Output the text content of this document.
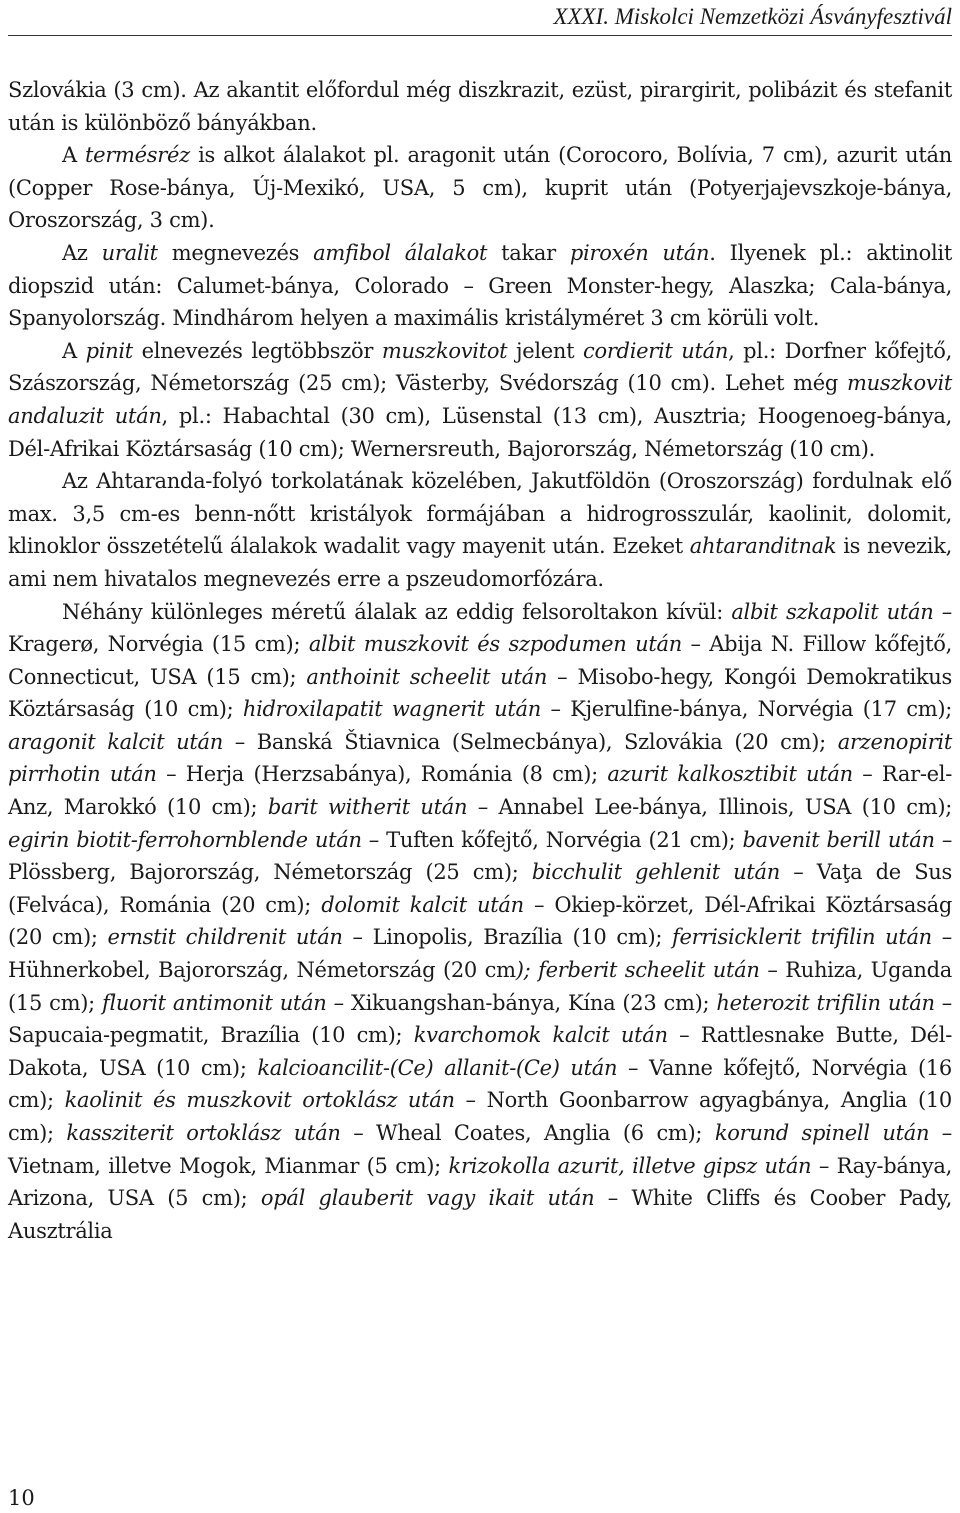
XXXI. Miskolci Nemzetközi Ásványfesztivál

Szlovákia (3 cm). Az akantit előfordul még diszkrazit, ezüst, pirargirit, polibázit és stefanit után is különböző bányákban.

A termésréz is alkot álalakot pl. aragonit után (Corocoro, Bolívia, 7 cm), azurit után (Copper Rose-bánya, Új-Mexikó, USA, 5 cm), kuprit után (Potyerjajevszkoje-bánya, Oroszország, 3 cm).

Az uralit megnevezés amfibol álalakot takar piroxén után. Ilyenek pl.: aktinolit diopszid után: Calumet-bánya, Colorado – Green Monster-hegy, Alaszka; Cala-bánya, Spanyolország. Mindhárom helyen a maximális kristályméret 3 cm körüli volt.

A pinit elnevezés legtöbbször muszkovitot jelent cordierit után, pl.: Dorfner kőfejtő, Szászország, Németország (25 cm); Västerby, Svédország (10 cm). Lehet még muszkovit andaluzit után, pl.: Habachtal (30 cm), Lüsenstal (13 cm), Ausztria; Hoogenoeg-bánya, Dél-Afrikai Köztársaság (10 cm); Wernersreuth, Bajorország, Németország (10 cm).

Az Ahtaranda-folyó torkolatának közelében, Jakutföldön (Oroszország) fordulnak elő max. 3,5 cm-es benn-nőtt kristályok formájában a hidrogrosszulár, kaolinit, dolomit, klinoklor összetételű álalakok wadalit vagy mayenit után. Ezeket ahtaranditnak is nevezik, ami nem hivatalos megnevezés erre a pszeudomorfózára.

Néhány különleges méretű álalak az eddig felsoroltakon kívül: albit szkapolit után – Kragerø, Norvégia (15 cm); albit muszkovit és szpodumen után – Abija N. Fillow kőfejtő, Connecticut, USA (15 cm); anthoinit scheelit után – Misobo-hegy, Kongói Demokratikus Köztársaság (10 cm); hidroxilapatit wagnerit után – Kjerulfine-bánya, Norvégia (17 cm); aragonit kalcit után – Banská Štiavnica (Selmecbánya), Szlovákia (20 cm); arzenopirit pirrhotin után – Herja (Herzsabánya), Románia (8 cm); azurit kalkosztibit után – Rar-el-Anz, Marokkó (10 cm); barit witherit után – Annabel Lee-bánya, Illinois, USA (10 cm); egirin biotit-ferrohornblende után – Tuften kőfejtő, Norvégia (21 cm); bavenit berill után – Plössberg, Bajorország, Németország (25 cm); bicchulit gehlenit után – Vaţa de Sus (Felváca), Románia (20 cm); dolomit kalcit után – Okiep-körzet, Dél-Afrikai Köztársaság (20 cm); ernstit childrenit után – Linopolis, Brazília (10 cm); ferrisicklerit trifilin után – Hühnerkobel, Bajorország, Németország (20 cm); ferberit scheelit után – Ruhiza, Uganda (15 cm); fluorit antimonit után – Xikuangshan-bánya, Kína (23 cm); heterozit trifilin után – Sapucaia-pegmatit, Brazília (10 cm); kvarchomok kalcit után – Rattlesnake Butte, Dél-Dakota, USA (10 cm); kalcioancilit-(Ce) allanit-(Ce) után – Vanne kőfejtő, Norvégia (16 cm); kaolinit és muszkovit ortoklász után – North Goonbarrow agyagbánya, Anglia (10 cm); kassziterit ortoklász után – Wheal Coates, Anglia (6 cm); korund spinell után – Vietnam, illetve Mogok, Mianmar (5 cm); krizokolla azurit, illetve gipsz után – Ray-bánya, Arizona, USA (5 cm); opál glauberit vagy ikait után – White Cliffs és Coober Pady, Ausztrália

10
